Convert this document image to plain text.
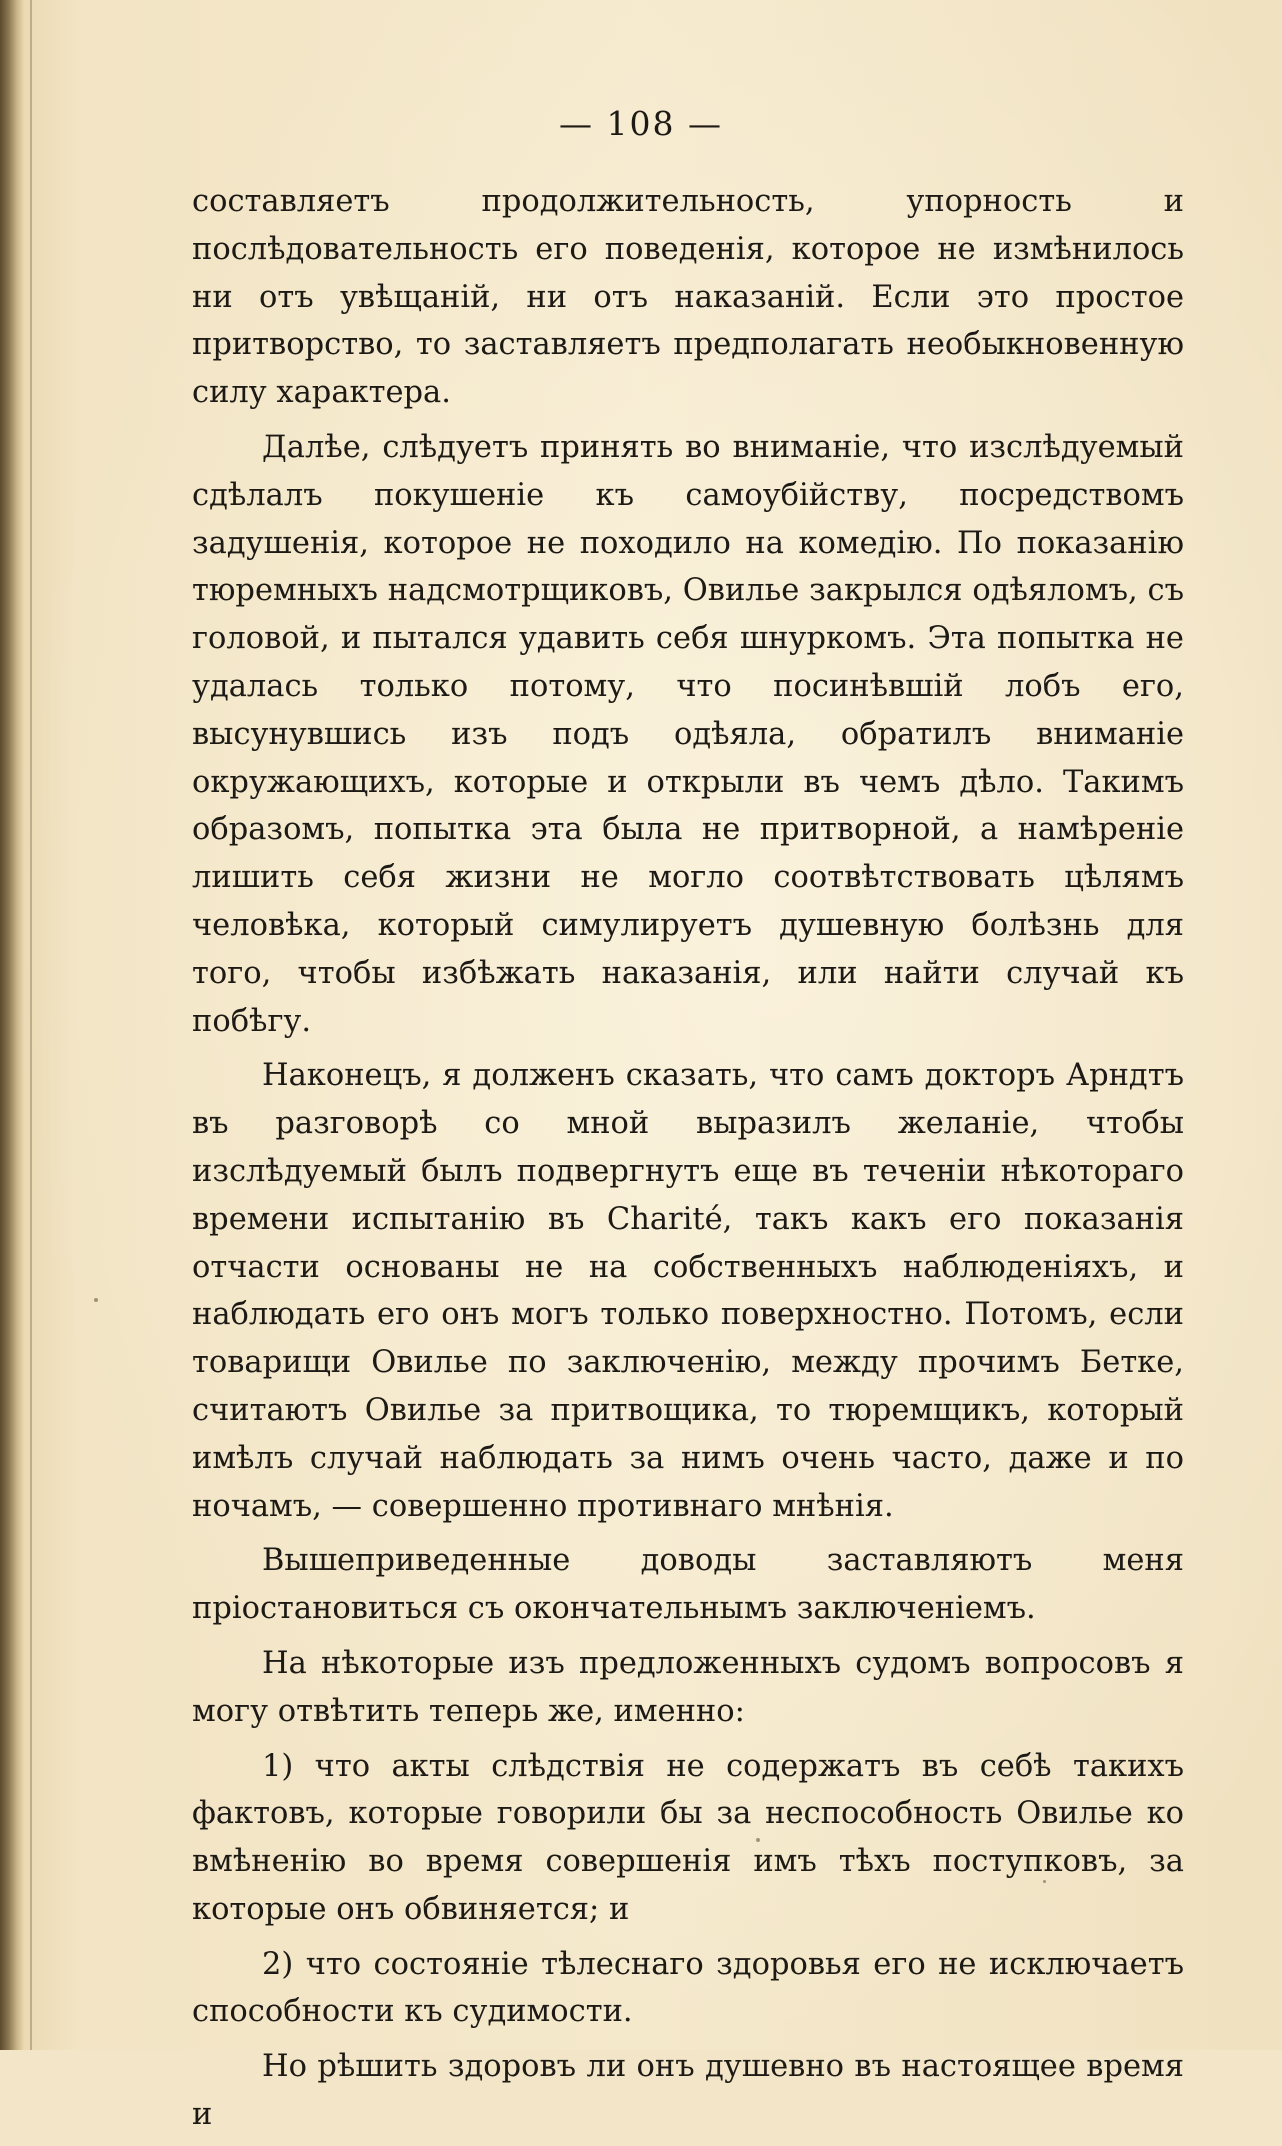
— 108 —

составляетъ продолжительность, упорность и послѣдовательность его поведенія, которое не измѣнилось ни отъ увѣщаній, ни отъ наказаній. Если это простое притворство, то заставляетъ предполагать необыкновенную силу характера.

Далѣе, слѣдуетъ принять во вниманіе, что изслѣдуемый сдѣлалъ покушеніе къ самоубійству, посредствомъ задушенія, которое не походило на комедію. По показанію тюремныхъ надсмотрщиковъ, Овилье закрылся одѣяломъ, съ головой, и пытался удавить себя шнуркомъ. Эта попытка не удалась только потому, что посинѣвшій лобъ его, высунувшись изъ подъ одѣяла, обратилъ вниманіе окружающихъ, которые и открыли въ чемъ дѣло. Такимъ образомъ, попытка эта была не притворной, а намѣреніе лишить себя жизни не могло соотвѣтствовать цѣлямъ человѣка, который симулируетъ душевную болѣзнь для того, чтобы избѣжать наказанія, или найти случай къ побѣгу.

Наконецъ, я долженъ сказать, что самъ докторъ Арндтъ въ разговорѣ со мной выразилъ желаніе, чтобы изслѣдуемый былъ подвергнутъ еще въ теченіи нѣкотораго времени испытанію въ Charité, такъ какъ его показанія отчасти основаны не на собственныхъ наблюденіяхъ, и наблюдать его онъ могъ только поверхностно. Потомъ, если товарищи Овилье по заключенію, между прочимъ Бетке, считаютъ Овилье за притвощика, то тюремщикъ, который имѣлъ случай наблюдать за нимъ очень часто, даже и по ночамъ, — совершенно противнаго мнѣнія.

Вышеприведенные доводы заставляютъ меня пріостановиться съ окончательнымъ заключеніемъ.

На нѣкоторые изъ предложенныхъ судомъ вопросовъ я могу отвѣтить теперь же, именно:

1) что акты слѣдствія не содержатъ въ себѣ такихъ фактовъ, которые говорили бы за неспособность Овилье ко вмѣненію во время совершенія имъ тѣхъ поступковъ, за которые онъ обвиняется; и

2) что состояніе тѣлеснаго здоровья его не исключаетъ способности къ судимости.

Но рѣшить здоровъ ли онъ душевно въ настоящее время и
